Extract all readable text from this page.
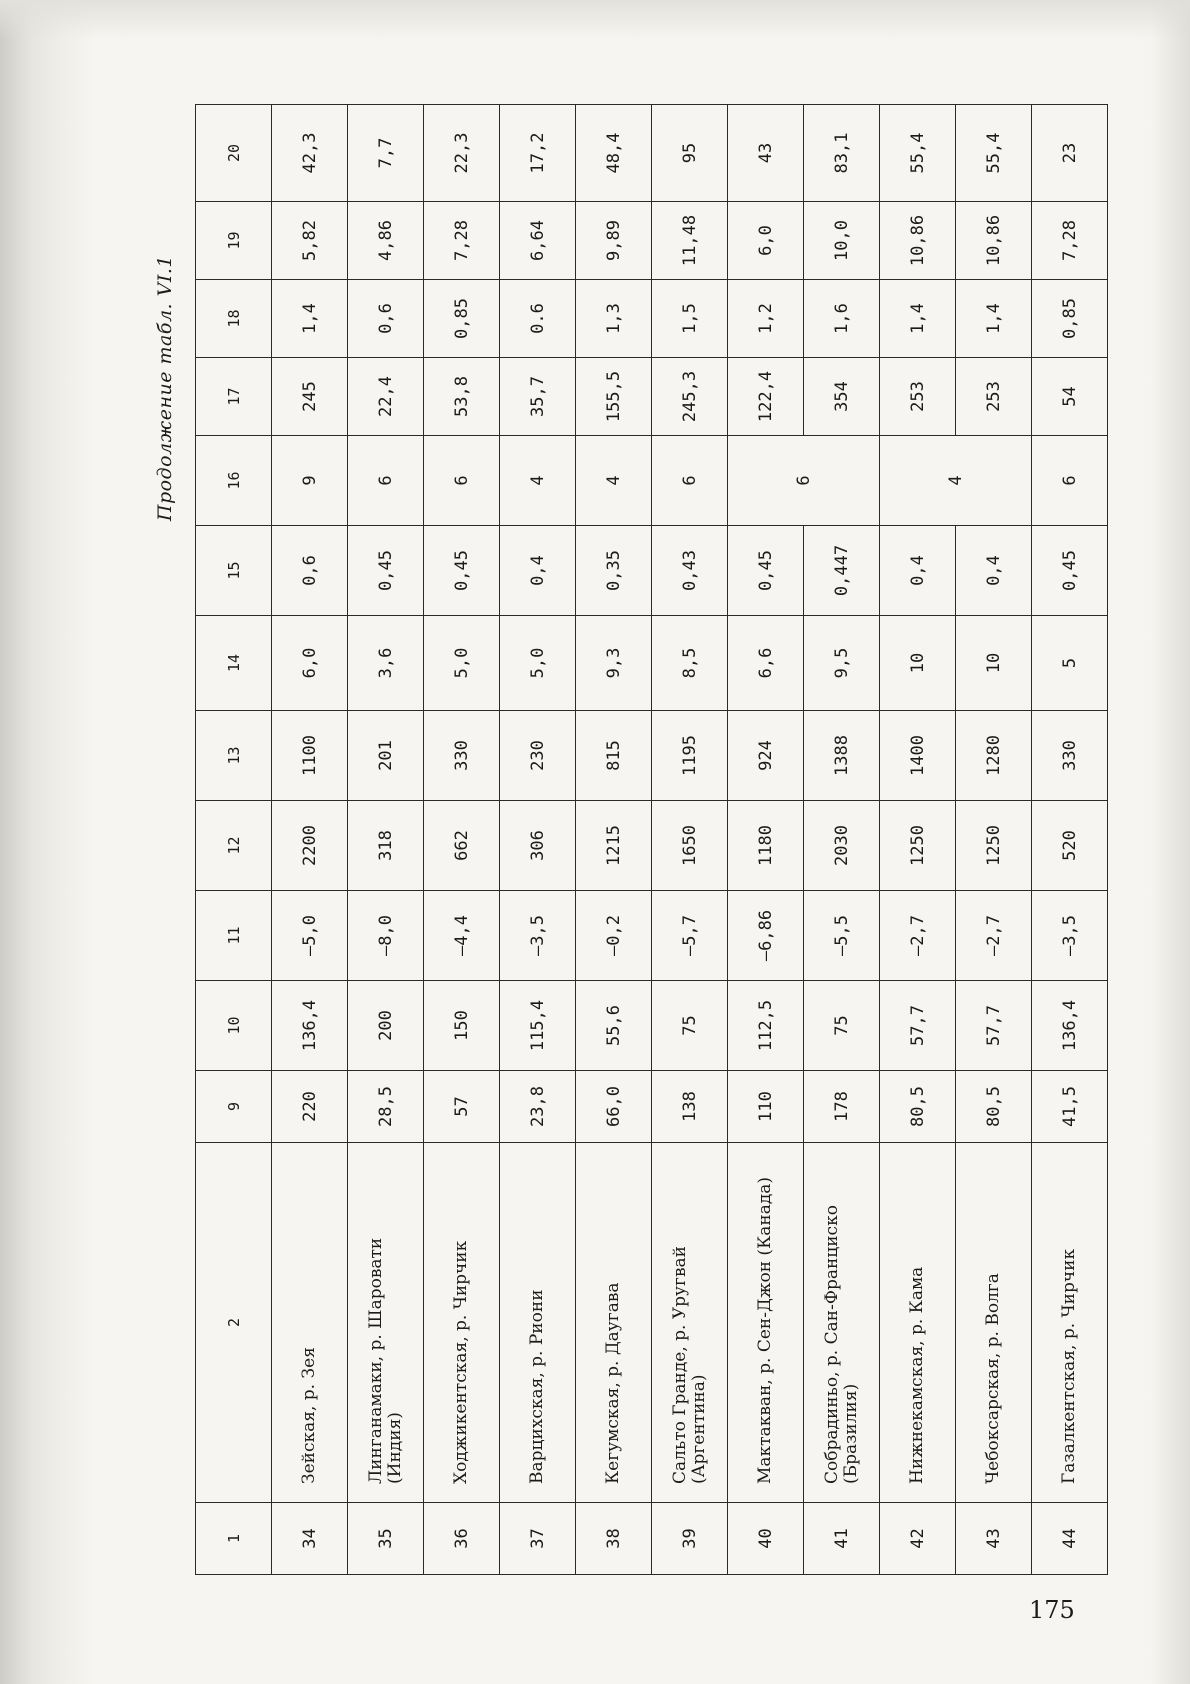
Продолжение табл. VI.1
1	2	9	10	11	12	13	14	15	16	17	18	19	20
34	Зейская, р. Зея	220	136,4	—5,0	2200	1100	6,0	0,6	9	245	1,4	5,82	42,3
35	Линганамаки, р. Шаровати (Индия)	28,5	200	—8,0	318	201	3,6	0,45	6	22,4	0,6	4,86	7,7
36	Ходжикентская, р. Чирчик	57	150	—4,4	662	330	5,0	0,45	6	53,8	0,85	7,28	22,3
37	Варцихская, р. Риони	23,8	115,4	—3,5	306	230	5,0	0,4	4	35,7	0.6	6,64	17,2
38	Кегумская, р. Даугава	66,0	55,6	—0,2	1215	815	9,3	0,35	4	155,5	1,3	9,89	48,4
39	Сальто Гранде, р. Уругвай (Аргентина)	138	75	—5,7	1650	1195	8,5	0,43	6	245,3	1,5	11,48	95
40	Мактакван, р. Сен-Джон (Канада)	110	112,5	—6,86	1180	924	6,6	0,45	6	122,4	1,2	6,0	43
41	Собрадиньо, р. Сан-Франциско (Бразилия)	178	75	—5,5	2030	1388	9,5	0,447		354	1,6	10,0	83,1
42	Нижнекамская, р. Кама	80,5	57,7	—2,7	1250	1400	10	0,4	4	253	1,4	10,86	55,4
43	Чебоксарская, р. Волга	80,5	57,7	—2,7	1250	1280	10	0,4		253	1,4	10,86	55,4
44	Газалкентская, р. Чирчик	41,5	136,4	—3,5	520	330	5	0,45	6	54	0,85	7,28	23
175
